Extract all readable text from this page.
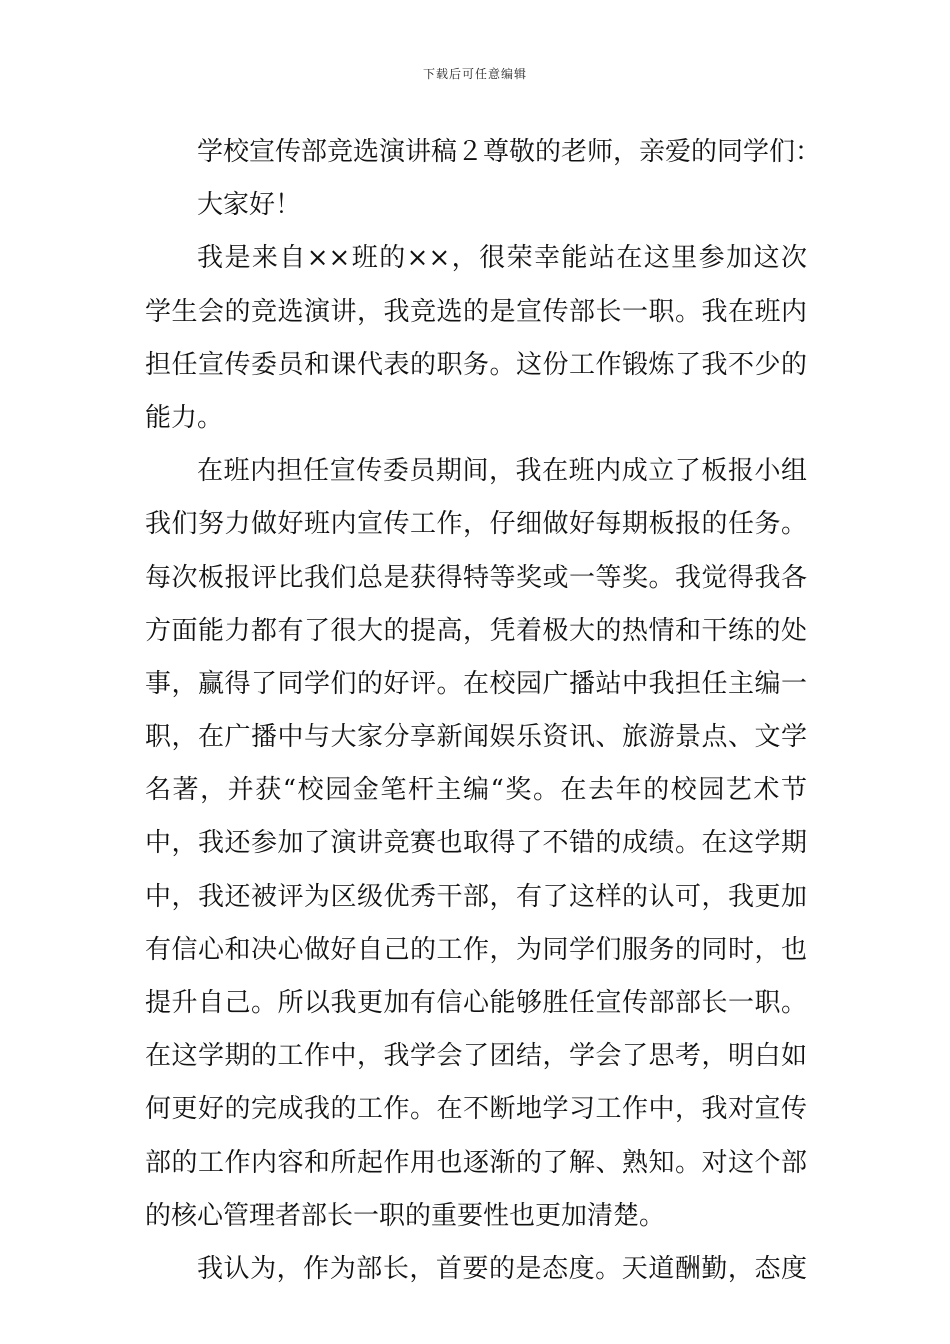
下载后可任意编辑
学校宣传部竞选演讲稿２尊敬的老师，亲爱的同学们：
大家好！
我是来自××班的××，很荣幸能站在这里参加这次
学生会的竞选演讲，我竞选的是宣传部长一职。我在班内
担任宣传委员和课代表的职务。这份工作锻炼了我不少的
能力。
在班内担任宣传委员期间，我在班内成立了板报小组
我们努力做好班内宣传工作，仔细做好每期板报的任务。
每次板报评比我们总是获得特等奖或一等奖。我觉得我各
方面能力都有了很大的提高，凭着极大的热情和干练的处
事，赢得了同学们的好评。在校园广播站中我担任主编一
职，在广播中与大家分享新闻娱乐资讯、旅游景点、文学
名著，并获“校园金笔杆主编“奖。在去年的校园艺术节
中，我还参加了演讲竞赛也取得了不错的成绩。在这学期
中，我还被评为区级优秀干部，有了这样的认可，我更加
有信心和决心做好自己的工作，为同学们服务的同时，也
提升自己。所以我更加有信心能够胜任宣传部部长一职。
在这学期的工作中，我学会了团结，学会了思考，明白如
何更好的完成我的工作。在不断地学习工作中，我对宣传
部的工作内容和所起作用也逐渐的了解、熟知。对这个部
的核心管理者部长一职的重要性也更加清楚。
我认为，作为部长，首要的是态度。天道酬勤，态度
